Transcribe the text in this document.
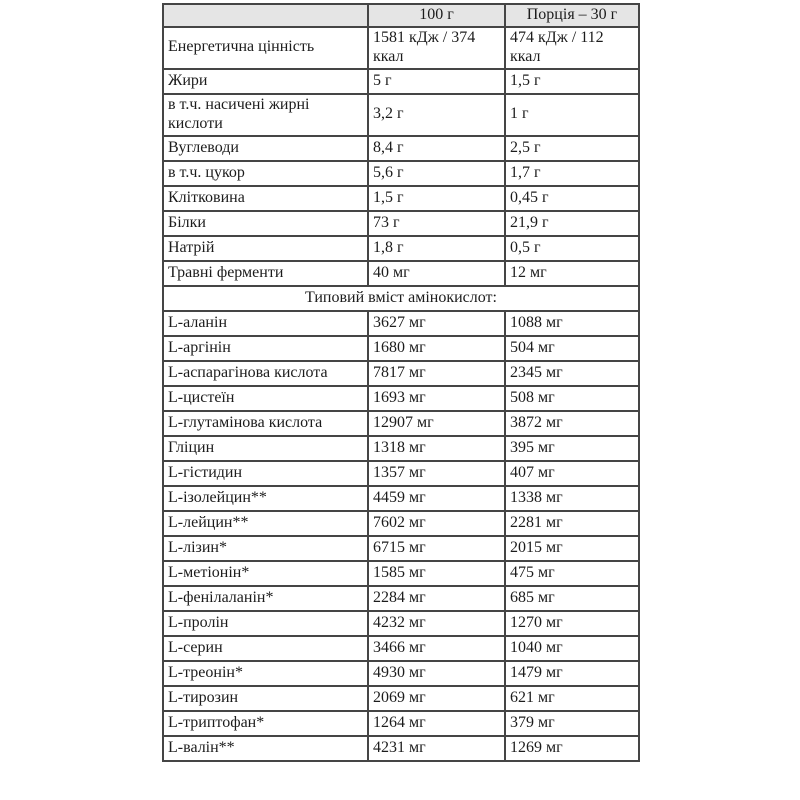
	100 г	Порція – 30 г
Енергетична цінність	1581 кДж / 374 ккал	474 кДж / 112 ккал
Жири	5 г	1,5 г
в т.ч. насичені жирні кислоти	3,2 г	1 г
Вуглеводи	8,4 г	2,5 г
в т.ч. цукор	5,6 г	1,7 г
Клітковина	1,5 г	0,45 г
Білки	73 г	21,9 г
Натрій	1,8 г	0,5 г
Травні ферменти	40 мг	12 мг
Типовий вміст амінокислот:		
L-аланін	3627 мг	1088 мг
L-аргінін	1680 мг	504 мг
L-аспарагінова кислота	7817 мг	2345 мг
L-цистеїн	1693 мг	508 мг
L-глутамінова кислота	12907 мг	3872 мг
Гліцин	1318 мг	395 мг
L-гістидин	1357 мг	407 мг
L-ізолейцин**	4459 мг	1338 мг
L-лейцин**	7602 мг	2281 мг
L-лізин*	6715 мг	2015 мг
L-метіонін*	1585 мг	475 мг
L-фенілаланін*	2284 мг	685 мг
L-пролін	4232 мг	1270 мг
L-серин	3466 мг	1040 мг
L-треонін*	4930 мг	1479 мг
L-тирозин	2069 мг	621 мг
L-триптофан*	1264 мг	379 мг
L-валін**	4231 мг	1269 мг
